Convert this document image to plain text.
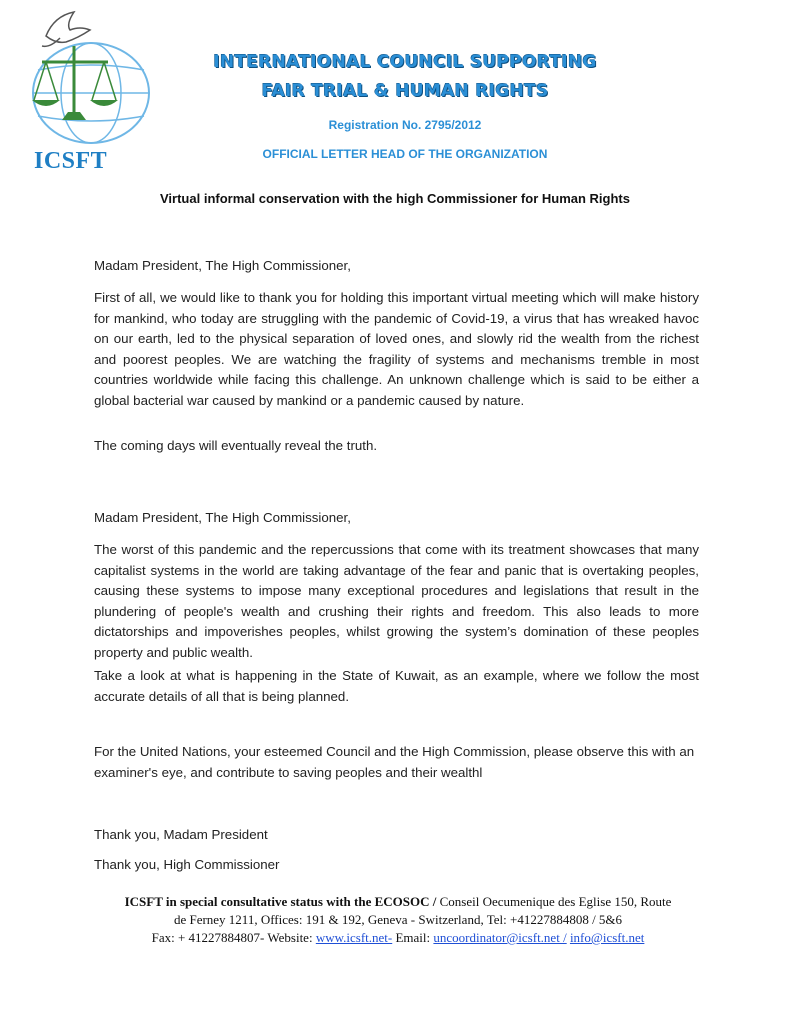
ICSFT
INTERNATIONAL COUNCIL SUPPORTING
FAIR TRIAL & HUMAN RIGHTS
Registration No. 2795/2012
OFFICIAL LETTER HEAD OF THE ORGANIZATION
Virtual informal conservation with the high Commissioner for Human Rights
Madam President, The High Commissioner,
First of all, we would like to thank you for holding this important virtual meeting which will make history for mankind, who today are struggling with the pandemic of Covid-19, a virus that has wreaked havoc on our earth, led to the physical separation of loved ones, and slowly rid the wealth from the richest and poorest peoples. We are watching the fragility of systems and mechanisms tremble in most countries worldwide while facing this challenge. An unknown challenge which is said to be either a global bacterial war caused by mankind or a pandemic caused by nature.
The coming days will eventually reveal the truth.
Madam President, The High Commissioner,
The worst of this pandemic and the repercussions that come with its treatment showcases that many capitalist systems in the world are taking advantage of the fear and panic that is overtaking peoples, causing these systems to impose many exceptional procedures and legislations that result in the plundering of people's wealth and crushing their rights and freedom. This also leads to more dictatorships and impoverishes peoples, whilst growing the system’s domination of these peoples property and public wealth.
Take a look at what is happening in the State of Kuwait, as an example, where we follow the most accurate details of all that is being planned.
For the United Nations, your esteemed Council and the High Commission, please observe this with an examiner's eye, and contribute to saving peoples and their wealthl
Thank you, Madam President
Thank you, High Commissioner
ICSFT in special consultative status with the ECOSOC / Conseil Oecumenique des Eglise 150, Route
de Ferney 1211, Offices: 191 & 192, Geneva - Switzerland, Tel: +41227884808 / 5&6
Fax: + 41227884807- Website: www.icsft.net- Email: uncoordinator@icsft.net / info@icsft.net
